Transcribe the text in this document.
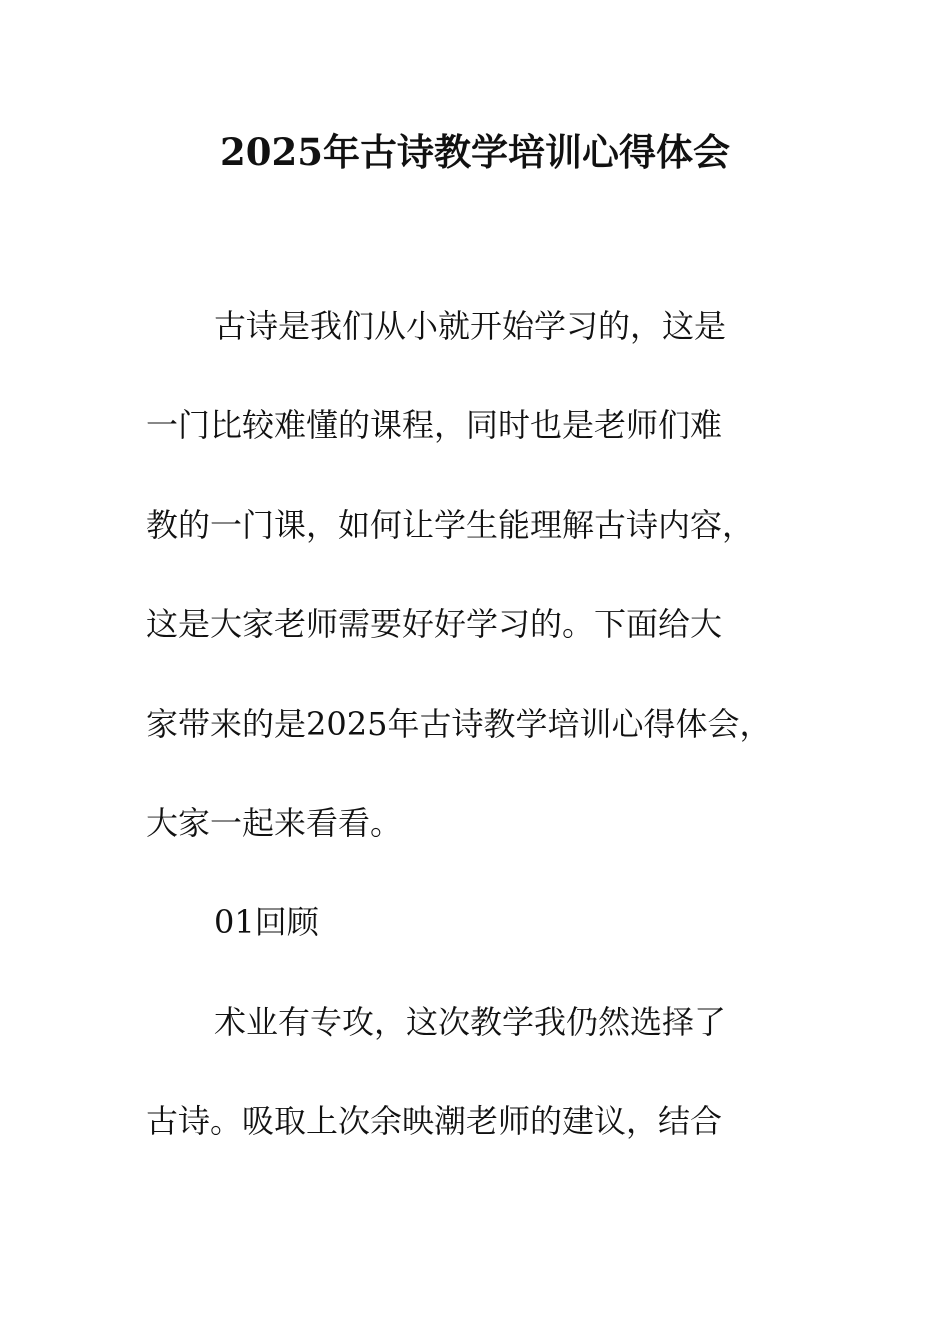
2025年古诗教学培训心得体会
古诗是我们从小就开始学习的，这是
一门比较难懂的课程，同时也是老师们难
教的一门课，如何让学生能理解古诗内容，
这是大家老师需要好好学习的。下面给大
家带来的是2025年古诗教学培训心得体会，
大家一起来看看。
01回顾
术业有专攻，这次教学我仍然选择了
古诗。吸取上次余映潮老师的建议，结合
